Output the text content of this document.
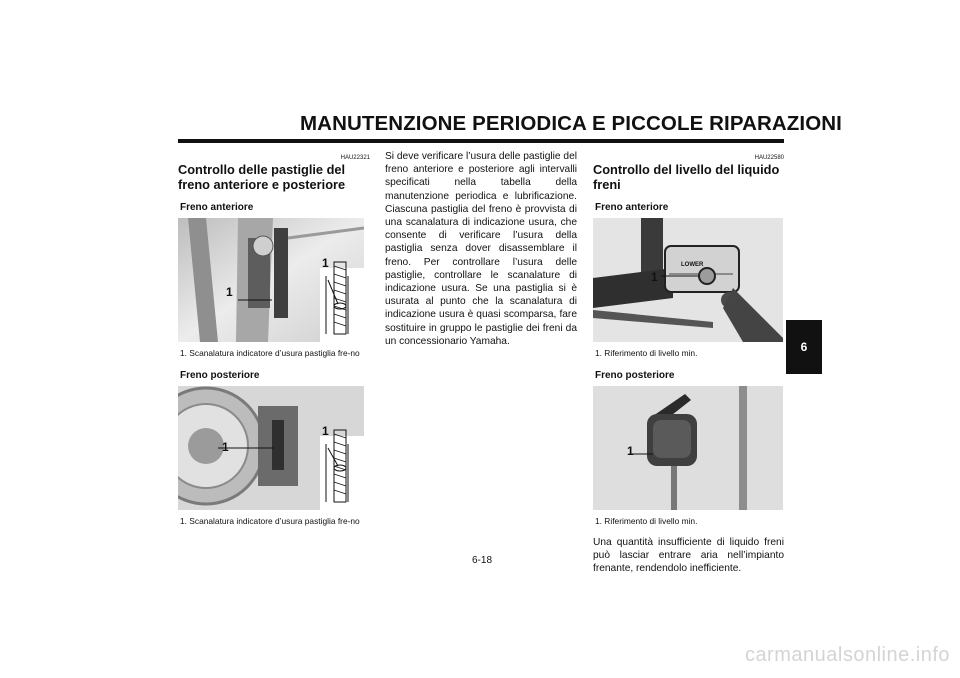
MANUTENZIONE PERIODICA E PICCOLE RIPARAZIONI
HAU22321
Controllo delle pastiglie del freno anteriore e posteriore
Freno anteriore
1
1
1. Scanalatura indicatore d’usura pastiglia fre-no
Freno posteriore
1
1
1. Scanalatura indicatore d’usura pastiglia fre-no

Si deve verificare l’usura delle pastiglie del freno anteriore e posteriore agli intervalli specificati nella tabella della manutenzione periodica e lubrificazione. Ciascuna pastiglia del freno è provvista di una scanalatura di indicazione usura, che consente di verificare l’usura della pastiglia senza dover disassemblare il freno. Per controllare l’usura delle pastiglie, controllare le scanalature di indicazione usura. Se una pastiglia si è usurata al punto che la scanalatura di indicazione usura è quasi scomparsa, fare sostituire in gruppo le pastiglie dei freni da un concessionario Yamaha.

HAU22580
Controllo del livello del liquido freni
Freno anteriore
LOWER
1
1. Riferimento di livello min.
Freno posteriore
1
1. Riferimento di livello min.

Una quantità insufficiente di liquido freni può lasciar entrare aria nell’impianto frenante, rendendolo inefficiente.

6-18
6
carmanualsonline.info
